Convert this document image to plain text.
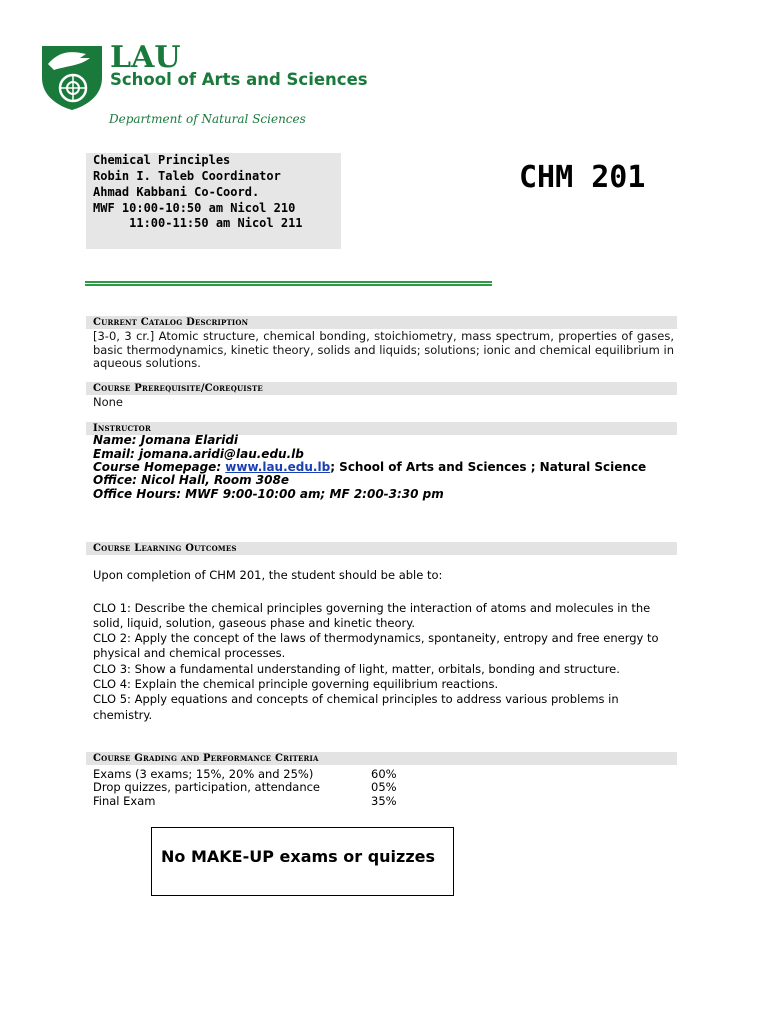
LAU
School of Arts and Sciences
Department of Natural Sciences
Chemical Principles
Robin I. Taleb Coordinator
Ahmad Kabbani Co-Coord.
MWF 10:00-10:50 am Nicol 210
11:00-11:50 am Nicol 211
CHM 201
Current Catalog Description
[3-0, 3 cr.] Atomic structure, chemical bonding, stoichiometry, mass spectrum, properties of gases, basic thermodynamics, kinetic theory, solids and liquids; solutions; ionic and chemical equilibrium in aqueous solutions.
Course Prerequisite/Corequiste
None
Instructor
Name: Jomana Elaridi
Email: jomana.aridi@lau.edu.lb
Course Homepage: www.lau.edu.lb; School of Arts and Sciences ; Natural Science
Office: Nicol Hall, Room 308e
Office Hours: MWF 9:00-10:00 am; MF 2:00-3:30 pm
Course Learning Outcomes
Upon completion of CHM 201, the student should be able to:
CLO 1: Describe the chemical principles governing the interaction of atoms and molecules in the
solid, liquid, solution, gaseous phase and kinetic theory.
CLO 2: Apply the concept of the laws of thermodynamics, spontaneity, entropy and free energy to
physical and chemical processes.
CLO 3: Show a fundamental understanding of light, matter, orbitals, bonding and structure.
CLO 4: Explain the chemical principle governing equilibrium reactions.
CLO 5: Apply equations and concepts of chemical principles to address various problems in
chemistry.
Course Grading and Performance Criteria
Exams (3 exams; 15%, 20% and 25%)	60%
Drop quizzes, participation, attendance	05%
Final Exam	35%
No MAKE-UP exams or quizzes
